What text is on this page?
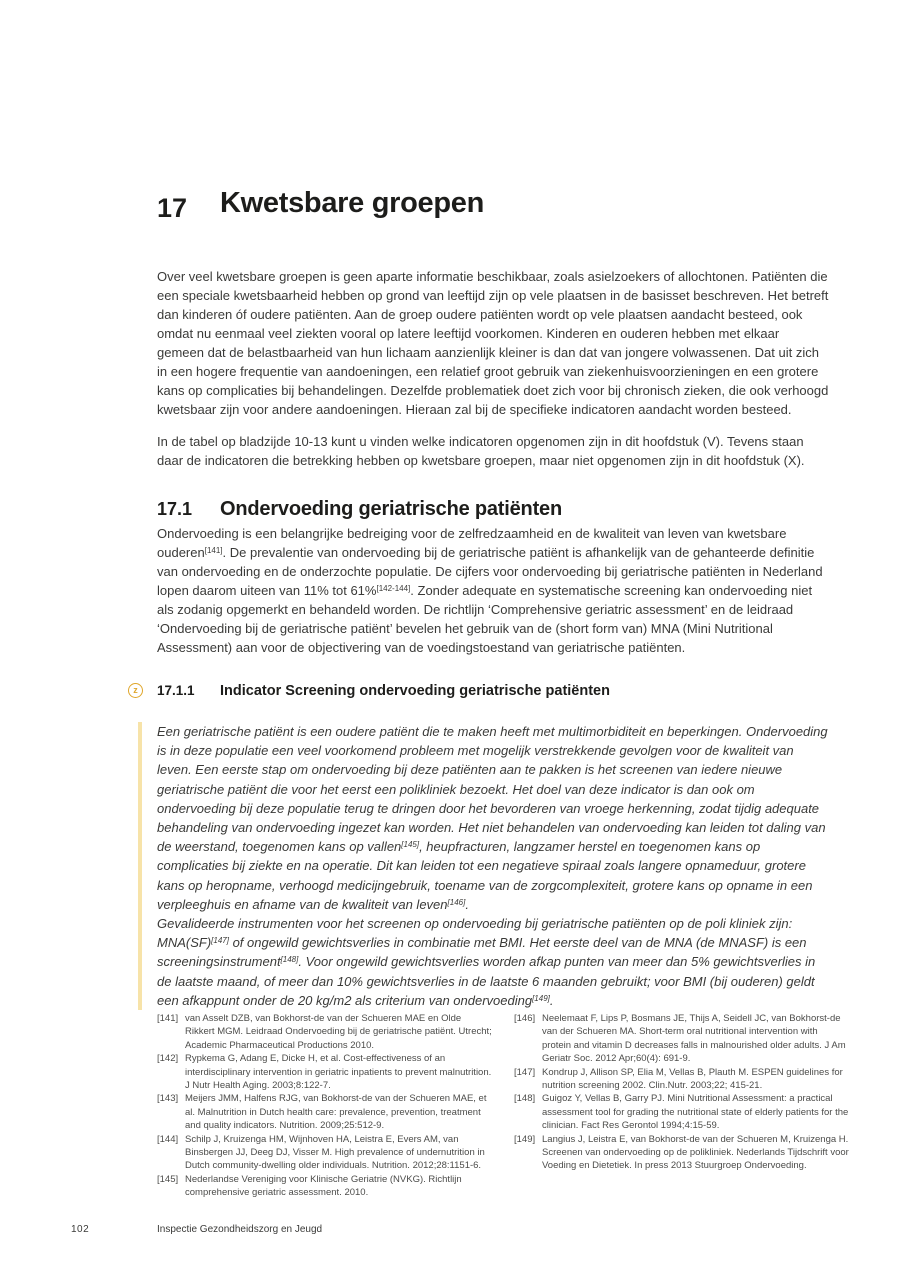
17 Kwetsbare groepen

Over veel kwetsbare groepen is geen aparte informatie beschikbaar, zoals asielzoekers of allochtonen. Patiënten die een speciale kwetsbaarheid hebben op grond van leeftijd zijn op vele plaatsen in de basisset beschreven. Het betreft dan kinderen óf oudere patiënten. Aan de groep oudere patiënten wordt op vele plaatsen aandacht besteed, ook omdat nu eenmaal veel ziekten vooral op latere leeftijd voorkomen. Kinderen en ouderen hebben met elkaar gemeen dat de belastbaarheid van hun lichaam aanzienlijk kleiner is dan dat van jongere volwassenen. Dat uit zich in een hogere frequentie van aandoeningen, een relatief groot gebruik van ziekenhuisvoorzieningen en een grotere kans op complicaties bij behandelingen. Dezelfde problematiek doet zich voor bij chronisch zieken, die ook verhoogd kwetsbaar zijn voor andere aandoeningen. Hieraan zal bij de specifieke indicatoren aandacht worden besteed.

In de tabel op bladzijde 10-13 kunt u vinden welke indicatoren opgenomen zijn in dit hoofdstuk (V). Tevens staan daar de indicatoren die betrekking hebben op kwetsbare groepen, maar niet opgenomen zijn in dit hoofdstuk (X).

17.1 Ondervoeding geriatrische patiënten

Ondervoeding is een belangrijke bedreiging voor de zelfredzaamheid en de kwaliteit van leven van kwetsbare ouderen[141]. De prevalentie van ondervoeding bij de geriatrische patiënt is afhankelijk van de gehanteerde definitie van ondervoeding en de onderzochte populatie. De cijfers voor ondervoeding bij geriatrische patiënten in Nederland lopen daarom uiteen van 11% tot 61%[142-144]. Zonder adequate en systematische screening kan ondervoeding niet als zodanig opgemerkt en behandeld worden. De richtlijn ‘Comprehensive geriatric assessment’ en de leidraad ‘Ondervoeding bij de geriatrische patiënt’ bevelen het gebruik van de (short form van) MNA (Mini Nutritional Assessment) aan voor de objectivering van de voedingstoestand van geriatrische patiënten.

z	17.1.1 Indicator Screening ondervoeding geriatrische patiënten

Een geriatrische patiënt is een oudere patiënt die te maken heeft met multimorbiditeit en beperkingen. Ondervoeding is in deze populatie een veel voorkomend probleem met mogelijk verstrekkende gevolgen voor de kwaliteit van leven. Een eerste stap om ondervoeding bij deze patiënten aan te pakken is het screenen van iedere nieuwe geriatrische patiënt die voor het eerst een polikliniek bezoekt. Het doel van deze indicator is dan ook om ondervoeding bij deze populatie terug te dringen door het bevorderen van vroege herkenning, zodat tijdig adequate behandeling van ondervoeding ingezet kan worden. Het niet behandelen van ondervoeding kan leiden tot daling van de weerstand, toegenomen kans op vallen[145], heupfracturen, langzamer herstel en toegenomen kans op complicaties bij ziekte en na operatie. Dit kan leiden tot een negatieve spiraal zoals langere opnameduur, grotere kans op heropname, verhoogd medicijngebruik, toename van de zorgcomplexiteit, grotere kans op opname in een verpleeghuis en afname van de kwaliteit van leven[146].

Gevalideerde instrumenten voor het screenen op ondervoeding bij geriatrische patiënten op de poli kliniek zijn: MNA(SF)[147] of ongewild gewichtsverlies in combinatie met BMI. Het eerste deel van de MNA (de MNASF) is een screeningsinstrument[148]. Voor ongewild gewichtsverlies worden afkap punten van meer dan 5% gewichtsverlies in de laatste maand, of meer dan 10% gewichtsverlies in de laatste 6 maanden gebruikt; voor BMI (bij ouderen) geldt een afkappunt onder de 20 kg/m2 als criterium van ondervoeding[149].

[141] van Asselt DZB, van Bokhorst-de van der Schueren MAE en Olde Rikkert MGM. Leidraad Ondervoeding bij de geriatrische patiënt. Utrecht; Academic Pharmaceutical Productions 2010.
[142] Rypkema G, Adang E, Dicke H, et al. Cost-effectiveness of an interdisciplinary intervention in geriatric inpatients to prevent malnutrition. J Nutr Health Aging. 2003;8:122-7.
[143] Meijers JMM, Halfens RJG, van Bokhorst-de van der Schueren MAE, et al. Malnutrition in Dutch health care: prevalence, prevention, treatment and quality indicators. Nutrition. 2009;25:512-9.
[144] Schilp J, Kruizenga HM, Wijnhoven HA, Leistra E, Evers AM, van Binsbergen JJ, Deeg DJ, Visser M. High prevalence of undernutrition in Dutch community-dwelling older individuals. Nutrition. 2012;28:1151-6.
[145] Nederlandse Vereniging voor Klinische Geriatrie (NVKG). Richtlijn comprehensive geriatric assessment. 2010.
[146] Neelemaat F, Lips P, Bosmans JE, Thijs A, Seidell JC, van Bokhorst-de van der Schueren MA. Short-term oral nutritional intervention with protein and vitamin D decreases falls in malnourished older adults. J Am Geriatr Soc. 2012 Apr;60(4): 691-9.
[147] Kondrup J, Allison SP, Elia M, Vellas B, Plauth M. ESPEN guidelines for nutrition screening 2002. Clin.Nutr. 2003;22; 415-21.
[148] Guigoz Y, Vellas B, Garry PJ. Mini Nutritional Assessment: a practical assessment tool for grading the nutritional state of elderly patients for the clinician. Fact Res Gerontol 1994;4:15-59.
[149] Langius J, Leistra E, van Bokhorst-de van der Schueren M, Kruizenga H. Screenen van ondervoeding op de polikliniek. Nederlands Tijdschrift voor Voeding en Dietetiek. In press 2013 Stuurgroep Ondervoeding.
102	Inspectie Gezondheidszorg en Jeugd
